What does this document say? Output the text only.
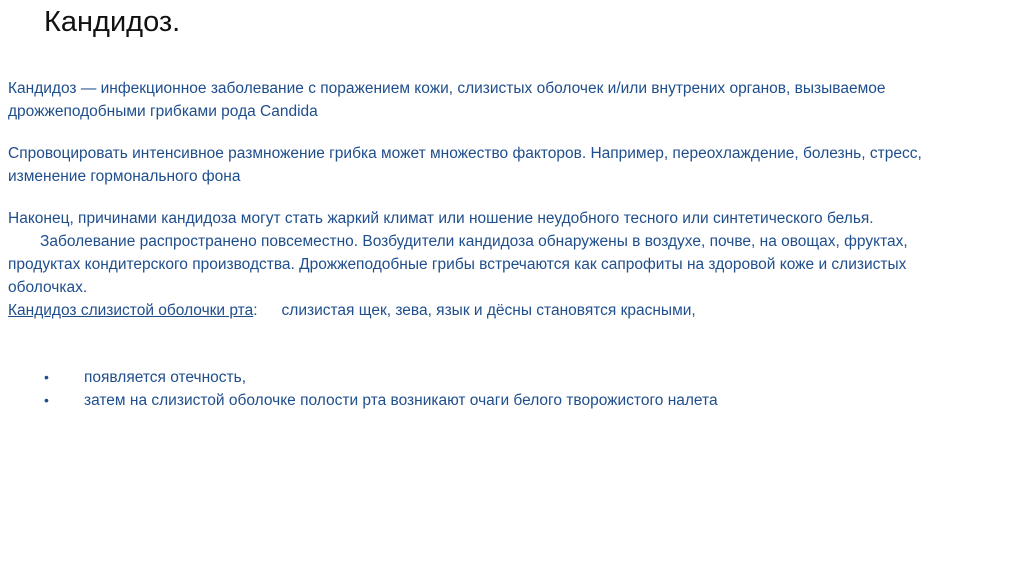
Кандидоз.
Кандидоз — инфекционное заболевание с поражением кожи, слизистых оболочек и/или внутрених органов, вызываемое
дрожжеподобными грибками рода Candida
Спровоцировать интенсивное размножение грибка может множество факторов. Например, переохлаждение, болезнь, стресс,
изменение гормонального фона
Наконец, причинами кандидоза могут стать жаркий климат или ношение неудобного тесного или синтетического белья.
Заболевание распространено повсеместно. Возбудители кандидоза обнаружены в воздухе, почве, на овощах, фруктах,
продуктах кондитерского производства. Дрожжеподобные грибы встречаются как сапрофиты на здоровой коже и слизистых
оболочках.
Кандидоз слизистой оболочки рта: слизистая щек, зева, язык и дёсны становятся красными,
•	появляется отечность,
•	затем на слизистой оболочке полости рта возникают очаги белого творожистого налета
